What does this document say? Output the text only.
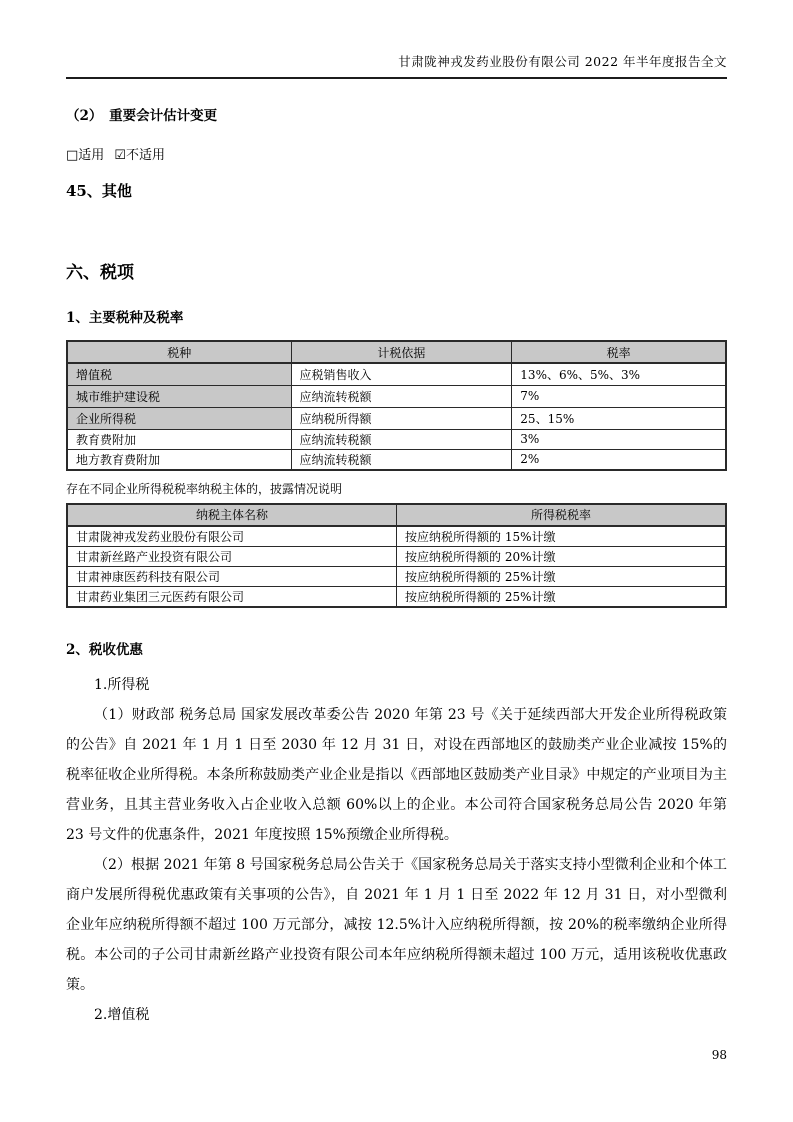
甘肃陇神戎发药业股份有限公司 2022 年半年度报告全文
（2）　重要会计估计变更
□适用 ☑不适用
45、其他
六、税项
1、主要税种及税率
税种	计税依据	税率
增值税	应税销售收入	13%、6%、5%、3%
城市维护建设税	应纳流转税额	7%
企业所得税	应纳税所得额	25、15%
教育费附加	应纳流转税额	3%
地方教育费附加	应纳流转税额	2%
存在不同企业所得税税率纳税主体的，披露情况说明
纳税主体名称	所得税税率
甘肃陇神戎发药业股份有限公司	按应纳税所得额的 15%计缴
甘肃新丝路产业投资有限公司	按应纳税所得额的 20%计缴
甘肃神康医药科技有限公司	按应纳税所得额的 25%计缴
甘肃药业集团三元医药有限公司	按应纳税所得额的 25%计缴
2、税收优惠
1.所得税
（1）财政部 税务总局 国家发展改革委公告 2020 年第 23 号《关于延续西部大开发企业所得税政策的公告》自 2021 年 1 月 1 日至 2030 年 12 月 31 日，对设在西部地区的鼓励类产业企业减按 15%的税率征收企业所得税。本条所称鼓励类产业企业是指以《西部地区鼓励类产业目录》中规定的产业项目为主营业务，且其主营业务收入占企业收入总额 60%以上的企业。本公司符合国家税务总局公告 2020 年第 23 号文件的优惠条件，2021 年度按照 15%预缴企业所得税。
（2）根据 2021 年第 8 号国家税务总局公告关于《国家税务总局关于落实支持小型微利企业和个体工商户发展所得税优惠政策有关事项的公告》，自 2021 年 1 月 1 日至 2022 年 12 月 31 日，对小型微利企业年应纳税所得额不超过 100 万元部分，减按 12.5%计入应纳税所得额，按 20%的税率缴纳企业所得税。本公司的子公司甘肃新丝路产业投资有限公司本年应纳税所得额未超过 100 万元，适用该税收优惠政策。
2.增值税
98
